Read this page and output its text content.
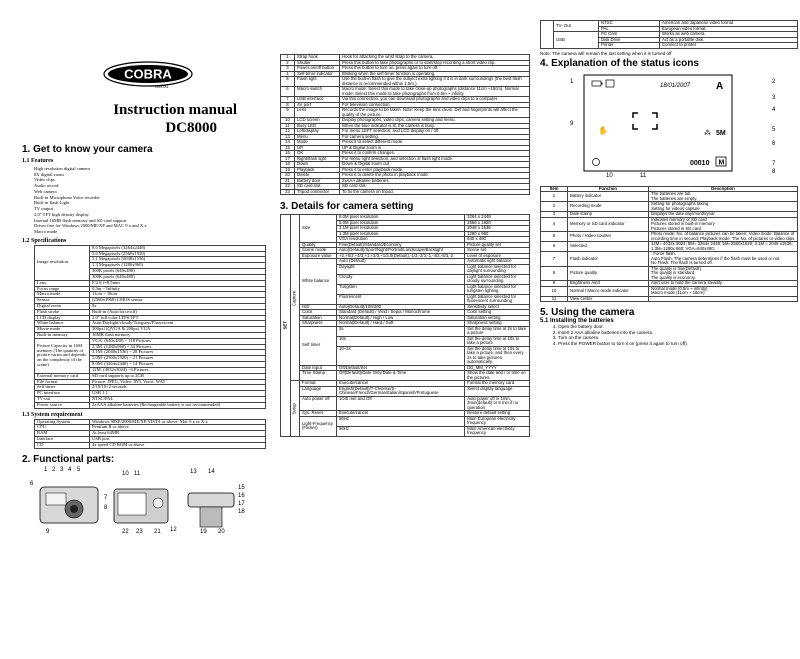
COBRA
DIGITAL
Instruction manual
DC8000
1. Get to know your camera
1.1 Features
High resolution digital camera
8X digital zoom
Video clips
Audio record
Web camera
Built-in Microphone Voice recorder
Built-in flash Light
TV output
2.0" TFT high density display
Internal 16MB flash memory and SD card support
Driver free for Windows 2000/ME/XP and MAC 9.x and X.x
Macro mode
1.2 Specifications
Image resolution	8.0 Megapixels (3264x2448)
	5.0 Megapixels (2560x1920)
	3.1 Megapixels (2048x1536)
	1.3 Megapixels (1280x960)
	300K pixels (640x480)
	300K pixels (640x480)
Lens	F/2.8 f=8.5mm
Focus range	0.5m ~ Infinity
Macro mode	11cm ~ 18cm
Sensor	(2560x1960) CMOS sensor
Digital zoom	8x
Flash strobe	Built-in (Auto/force/off)
LCD display	2.0" full color LTPS TFT
White balance	Auto/Daylight/cloudy/Tungsten/Fluorescent
Movie mode	300pxl (QVGA & 200px) VGA
Built-in memory	16MB flash memory
Picture Capacity in 16M memory (The quantity of picture varies and depends on the complexity of the scene)	VGA: (640x480) ~ 118 Pictures
	2.3M: (1280x960) ~ 54 Pictures
	3.1M: (2048x1536) ~ 28 Pictures
	5.0M: (2560x1920) ~ 21 Pictures
	8.0M: (3264x2448) ~ 14 Pictures
	12M: (4032x3024) ~6 Pictures
External memory card	SD card supports up to 2GB
File format	Picture: JPEG, Video: AVI, Voice: WAV
Self timer	2/10/10+2 seconds
PC interface	USB 1.1
TV-out	NTSC/PAL
Power source	2xAAA alkaline batteries (Rechargeable battery is not recommended)
1.3 System requirement
Operating System	Windows 98SE/2000/ME/XP/VISTA or above. Mac 9.x or X.x
CPU	Pentium II or above
RAM	At least 64MB
Interface	USB port
CD	4x speed CD ROM or above
2. Functional parts:
1 2 3 4 5
6
7
8
9
10 11
12
13 14
15
16
17
18
19 20
21
22 23
1	Strap hook	Hook for attaching the wrist strap to the camera.
2	Shutter	Press this button to take photographs or to start/stop recording a short video clip.
3	Power on/off button	Press this button to turn on, press again to turn off.
4	Self-timer indicator	Blinking when the self-timer function is operating.
5	Flash light	Use the built-in flash to give the subject extra lighting if it is in dark surroundings (the best flash distance is recommended within 1.5m.).
6	Macro switch	Macro mode: Select this mode to take close-up photographs (distance 11cm ~18cm). Normal mode: Select this mode to take photographs from 0.5m ~ infinity
7	USB interface	Via this connection, you can download photographs and video clips to a computer.
8	AV port	For television connection.
9	Lens	Records the image to be taken. Note: Keep the lens clean. Dirt and fingerprints will affect the quality of the picture.
10	LCD screen	Display photographs, video clips, camera setting and menu.
11	Busy LED	When the blue indicator is lit, the camera is busy.
12	Left/display	For menu LEFT selection; and LCD display on / off.
13	Menu	For camera setting.
14	Mode	Press it to select different mode.
15	UP	UP & Digital zoom in
16	OK	Press it to confirm changes.
17	Right/flash light	For menu right selection, and selection of flash light mode.
18	Down	Down & Digital zoom out
19	Playback	Press it to enter playback mode.
20	Delete	Press it to delete the photo in playback mode.
21	Battery door	2xAAA alkaline batteries.
22	SD card slot	SD card slot.
23	Tripod connector	To fix the camera on tripod.
3. Details for camera setting
SET	Capture	Size	8.0M pixel resolution	3264 x 2448
			5.0M pixel resolution	2560 x 1920
			3.1M pixel resolution	2048 x 1536
			1.3M pixel resolution	1280 x 960
			VGA resolution	640 x 480
		Quality	Fine(Default)/Standard/Economy	Picture quality set
		Scene mode	Auto(Default)/Sport/Night/Portrait/Landscape/Backlight	Scene set
		Exposure value	+2,+5/3,+4/3,+1,+2/3,+1/3,0(Default),-1/3,-2/3,-1,-4/3,-5/3,-2	Level of exposure
		White balance	Auto (Default)	Automatic light balance
			Daylight	Light balance selected for daylight surrounding
			Cloudy	Light balance selected for cloudy surrounding
			Tungsten	Light balance selected for tungsten lighting
			Fluorescent	Light balance selected for fluorescent surrounding
		ISO	Auto(Default)/100/200	Sensitivity select
		Color	Standard (Default) / Vivid / Sepia / Monochrome	Color setting
		Saturation	Normal(Default) / High / Low	Saturation setting
		Sharpness	Normal(Default) / Hard / Soft	Sharpness setting
		Self timer	2s	Set the delay time at 2s to take a picture
			10s	Set the delay time at 10s to take a picture
			10+2s	Set the delay time at 10s to take a picture, and then every 2s to take pictures automatically.
		Date Input	Off/Default/Set	DD_MM_YYYY
		Time Stamp	Off(Default)/Date Only/Date & Time	Show the date and / or time on the pictures.
	Setup	Format	Execute/cancel	Format the memory card.
		Language	English(Default)/T-Chinese/S-Chinese/French/German/Italian/Spanish/Portuguese	Select display language
		Auto power off	1O/5 min and Off	Auto power off in 1min, 3min(default) or 5 min if no operation
		Sys. Reset	Execute/cancel	Restore default setting
		Light-Frequency (Flicker)	50Hz	Main European electricity frequency
			60Hz	Main American electricity frequency
	TV- Out	NTSC	American and Japanese video format
		PAL	European video format.
	USB	PC Cam	Works as web camera.
		Disk Drive	Act as a portable disk.
		Printer	Connect to printer
Note: The camera will remain the last setting when it is turned off
4. Explanation of the status icons
18/01/2007	A
✋	5M
⁂
00010 M
1	2
3
4
5
6
7
8
9
10	11
Item	Function	Description
1	Battery indicator	The batteries are full.
The batteries are empty.

2	Recording mode	Setting for photographs taking
Setting for videos capture

3	Date stamp	Displays the date day/month/year

4	Memory or SD card indicator	Indicates memory or SD card
Pictures stored in built-in memory
Pictures stored in SD card

5	Photo / Video counter	Photo mode: No. of balance pictures can be taken; Video mode: Balance of recording time in second; Playback mode: The No. of pictures or video clips

6	Selected	12M= 4032x 3024; 8M= 3264x 2448; 5M=2560x1920; 3.1M = 2048 x1536; 1.3M=1280x 960; VGA=640x480;

7	Flash indicator	: Force flash.
Auto Flash: The camera determines if the flash must be used or not.
No Flash: The flash is turned off.

8	Picture quality	The quality is fine(Default).
The quality is standard.
The quality is economy.

9	Brightness Alert	Alert user to hold the camera steadily.

10	Normal / Macro mode indicator	Normal mode (0.5m ~ infinity)
Macro mode (11cm ~ 18cm)

11	View center	
5. Using the camera
5.1 Installing the batteries
1. Open the battery door.
2. Insert 2 AAA alkaline batteries into the camera.
3. Turn on the camera.
4. Press the POWER button to turn it on (press it again to turn off).
